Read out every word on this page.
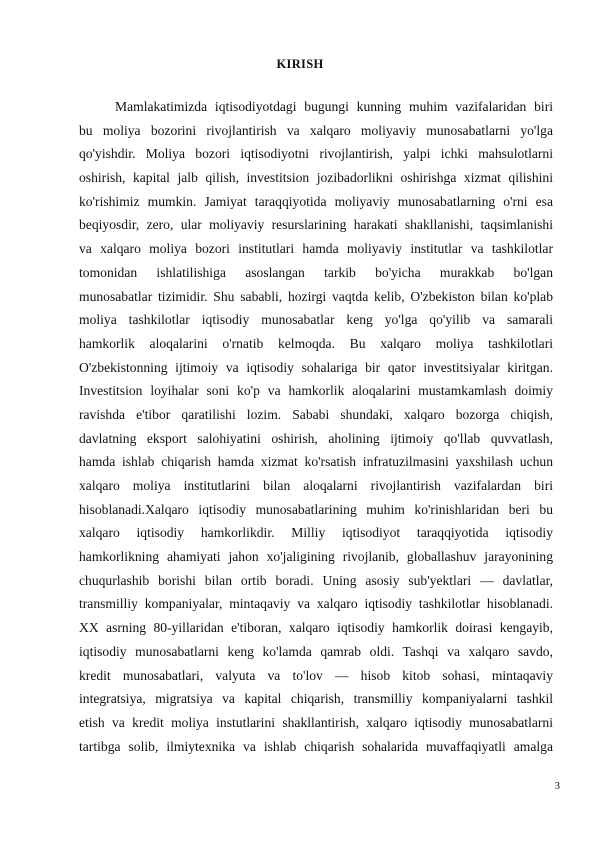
KIRISH
Mamlakatimizda iqtisodiyotdagi bugungi kunning muhim vazifalaridan biri
bu moliya bozorini rivojlantirish va xalqaro moliyaviy munosabatlarni yo'lga
qo'yishdir. Moliya bozori iqtisodiyotni rivojlantirish, yalpi ichki mahsulotlarni
oshirish, kapital jalb qilish, investitsion jozibadorlikni oshirishga xizmat qilishini
ko'rishimiz mumkin. Jamiyat taraqqiyotida moliyaviy munosabatlarning o'rni esa
beqiyosdir, zero, ular moliyaviy resurslarining harakati shakllanishi, taqsimlanishi
va xalqaro moliya bozori institutlari hamda moliyaviy institutlar va tashkilotlar
tomonidan ishlatilishiga asoslangan tarkib bo'yicha murakkab bo'lgan
munosabatlar tizimidir. Shu sababli, hozirgi vaqtda kelib, O'zbekiston bilan ko'plab
moliya tashkilotlar iqtisodiy munosabatlar keng yo'lga qo'yilib va samarali
hamkorlik aloqalarini o'rnatib kelmoqda. Bu xalqaro moliya tashkilotlari
O'zbekistonning ijtimoiy va iqtisodiy sohalariga bir qator investitsiyalar kiritgan.
Investitsion loyihalar soni ko'p va hamkorlik aloqalarini mustamkamlash doimiy
ravishda e'tibor qaratilishi lozim. Sababi shundaki, xalqaro bozorga chiqish,
davlatning eksport salohiyatini oshirish, aholining ijtimoiy qo'llab quvvatlash,
hamda ishlab chiqarish hamda xizmat ko'rsatish infratuzilmasini yaxshilash uchun
xalqaro moliya institutlarini bilan aloqalarni rivojlantirish vazifalardan biri
hisoblanadi.Xalqaro iqtisodiy munosabatlarining muhim ko'rinishlaridan beri bu
xalqaro iqtisodiy hamkorlikdir. Milliy iqtisodiyot taraqqiyotida iqtisodiy
hamkorlikning ahamiyati jahon xo'jaligining rivojlanib, globallashuv jarayonining
chuqurlashib borishi bilan ortib boradi. Uning asosiy sub'yektlari — davlatlar,
transmilliy kompaniyalar, mintaqaviy va xalqaro iqtisodiy tashkilotlar hisoblanadi.
XX asrning 80-yillaridan e'tiboran, xalqaro iqtisodiy hamkorlik doirasi kengayib,
iqtisodiy munosabatlarni keng ko'lamda qamrab oldi. Tashqi va xalqaro savdo,
kredit munosabatlari, valyuta va to'lov — hisob kitob sohasi, mintaqaviy
integratsiya, migratsiya va kapital chiqarish, transmilliy kompaniyalarni tashkil
etish va kredit moliya instutlarini shakllantirish, xalqaro iqtisodiy munosabatlarni
tartibga solib, ilmiytexnika va ishlab chiqarish sohalarida muvaffaqiyatli amalga

3
